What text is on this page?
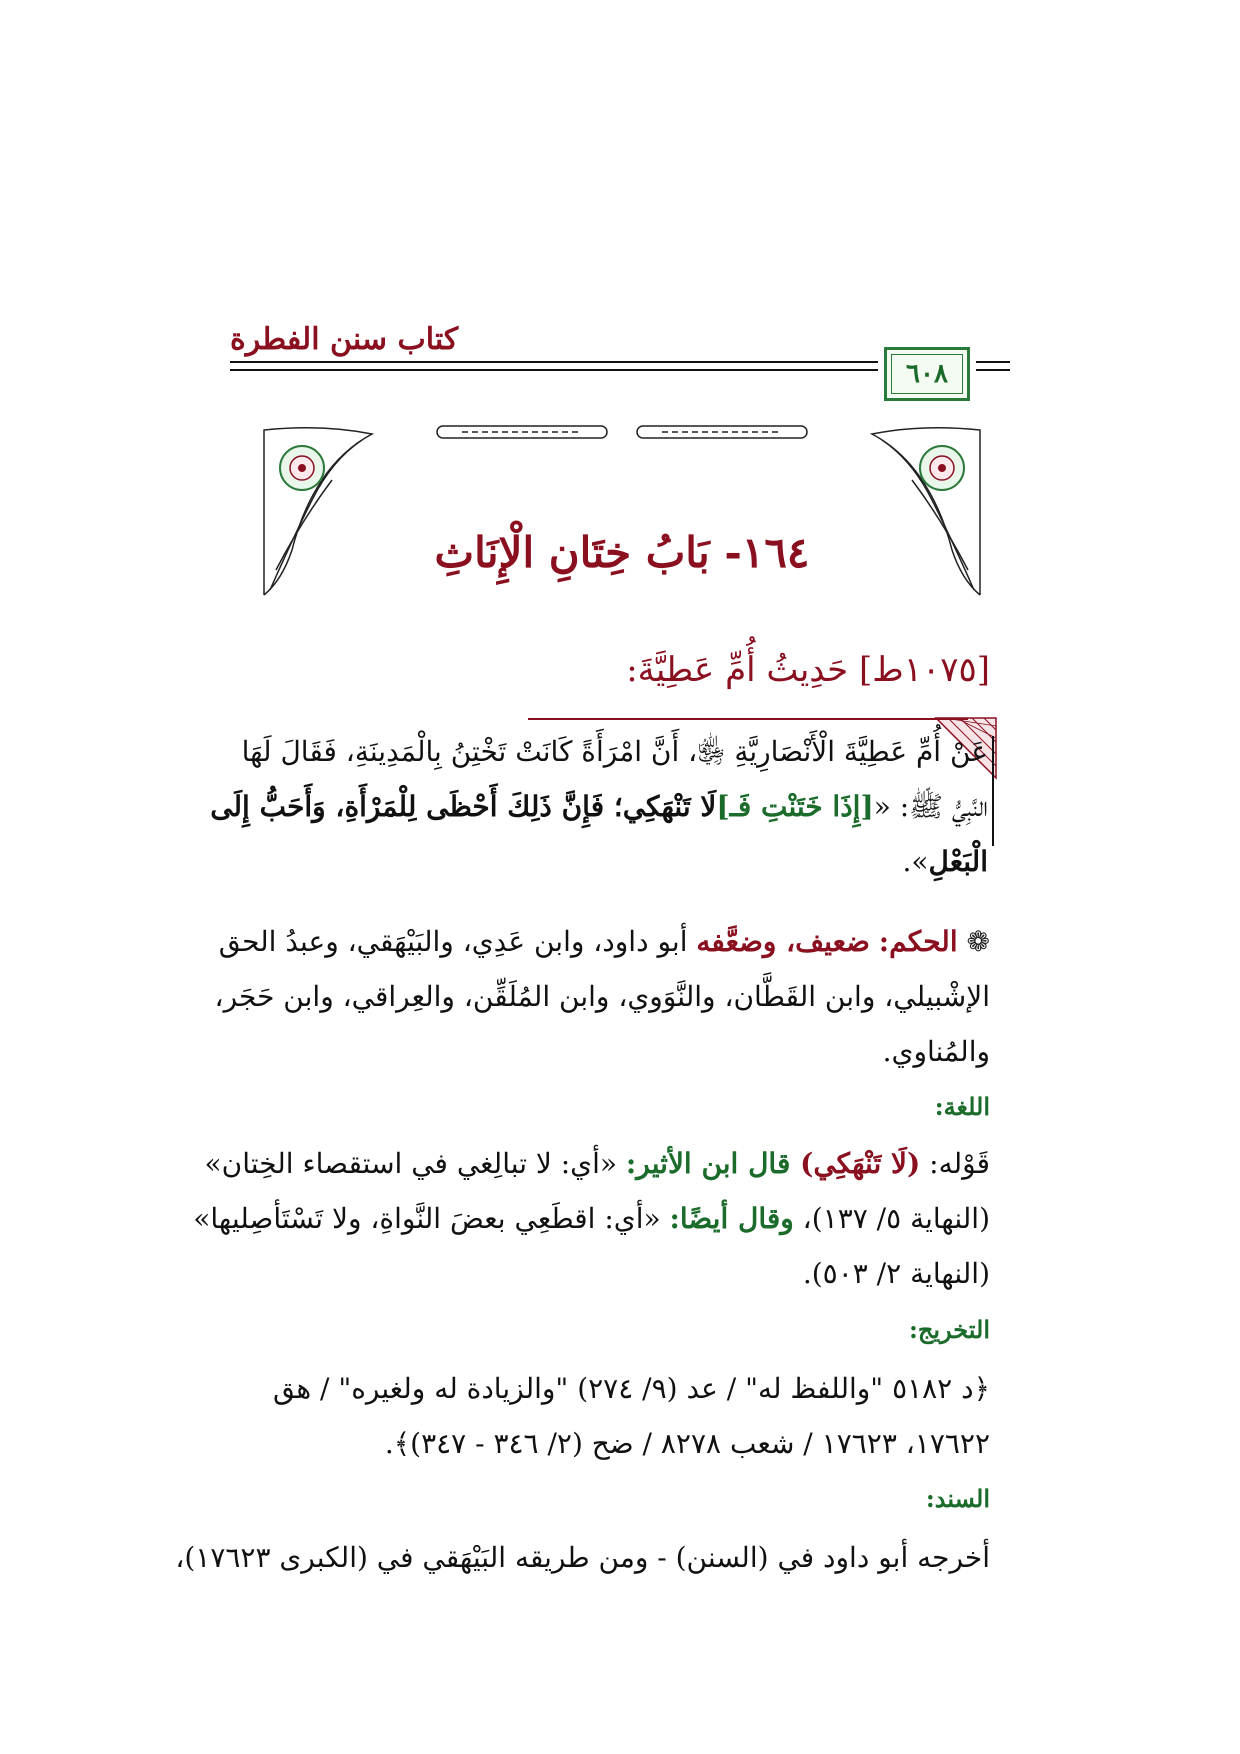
كتاب سنن الفطرة
٦٠٨
١٦٤- بَابُ خِتَانِ الْإِنَاثِ
[١٠٧٥ط] حَدِيثُ أُمِّ عَطِيَّةَ:
عَنْ أُمِّ عَطِيَّةَ الْأَنْصَارِيَّةِ ﵂، أَنَّ امْرَأَةً كَانَتْ تَخْتِنُ بِالْمَدِينَةِ، فَقَالَ لَهَا
النَّبِيُّ ﷺ: «[إِذَا خَتَنْتِ فَـ]لَا تَنْهَكِي؛ فَإِنَّ ذَلِكَ أَحْظَى لِلْمَرْأَةِ، وَأَحَبُّ إِلَى
الْبَعْلِ».
❁ الحكم: ضعيف، وضعَّفه أبو داود، وابن عَدِي، والبَيْهَقي، وعبدُ الحق
الإشْبيلي، وابن القَطَّان، والنَّوَوي، وابن المُلَقِّن، والعِراقي، وابن حَجَر،
والمُناوي.
اللغة:
قَوْله: (لَا تَنْهَكِي) قال ابن الأثير: «أي: لا تبالِغي في استقصاء الخِتان»
(النهاية ٥/ ١٣٧)، وقال أيضًا: «أي: اقطَعِي بعضَ النَّواةِ، ولا تَسْتَأصِليها»
(النهاية ٢/ ٥٠٣).
التخريج:
﴿د ٥١٨٢ "واللفظ له" / عد (٩/ ٢٧٤) "والزيادة له ولغيره" / هق
١٧٦٢٢، ١٧٦٢٣ / شعب ٨٢٧٨ / ضح (٢/ ٣٤٦ - ٣٤٧)﴾.
السند:
أخرجه أبو داود في (السنن) - ومن طريقه البَيْهَقي في (الكبرى ١٧٦٢٣)،
